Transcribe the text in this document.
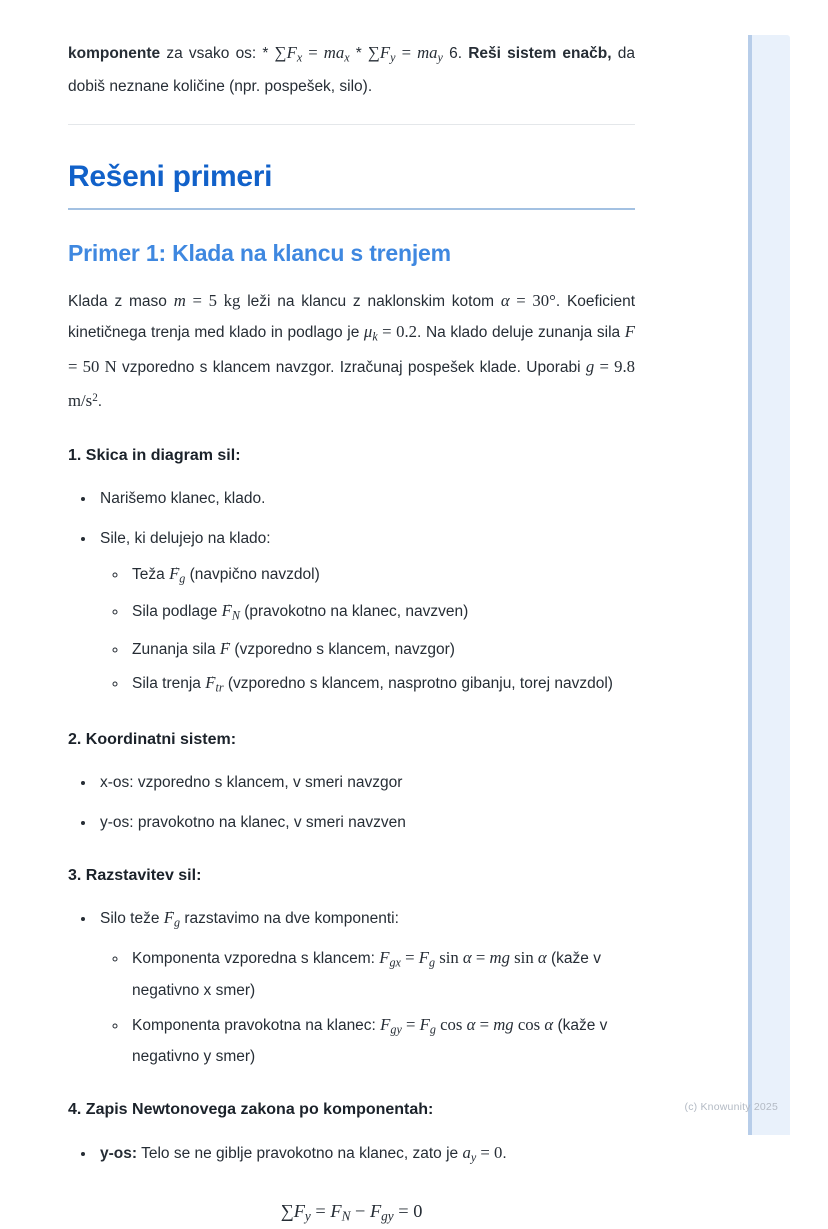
komponente za vsako os: * $\sum F_x = ma_x * \sum F_y = ma_y$ 6. Reši sistem enačb, da dobiš neznane količine (npr. pospešek, silo).

Rešeni primeri
Primer 1: Klada na klancu s trenjem

Klada z maso m = 5 kg leži na klancu z naklonskim kotom α = 30°. Koeficient kinetičnega trenja med klado in podlago je $\mu_k = 0.2$. Na klado deluje zunanja sila F = 50 N vzporedno s klancem navzgor. Izračunaj pospešek klade. Uporabi g = 9.8 $m/s^2$.

1. Skica in diagram sil:
• Narišemo klanec, klado.
• Sile, ki delujejo na klado:
◦ Teža $F \to_g$ (navpično navzdol)
◦ Sila podlage $F \to_N$ (pravokotno na klanec, navzven)
◦ Zunanja sila F → (vzporedno s klancem, navzgor)
◦ Sila trenja $F \to_{tr}$ (vzporedno s klancem, nasprotno gibanju, torej navzdol)
2. Koordinatni sistem:
• x-os: vzporedno s klancem, v smeri navzgor
• y-os: pravokotno na klanec, v smeri navzven
3. Razstavitev sil:
• Silo teže $F \to_g$ razstavimo na dve komponenti:
◦ Komponenta vzporedna s klancem: $F_{gx} = F_g$ sin α = mg sin α (kaže v negativno x smer)
◦ Komponenta pravokotna na klanec: $F_{gy} = F_g$ cos α = mg cos α (kaže v negativno y smer)
4. Zapis Newtonovega zakona po komponentah:
• y-os: Telo se ne giblje pravokotno na klanec, zato je $a_y = 0$.

$\sum F_y = F_N - F_{gy} = 0$

(c) Knowunity 2025
